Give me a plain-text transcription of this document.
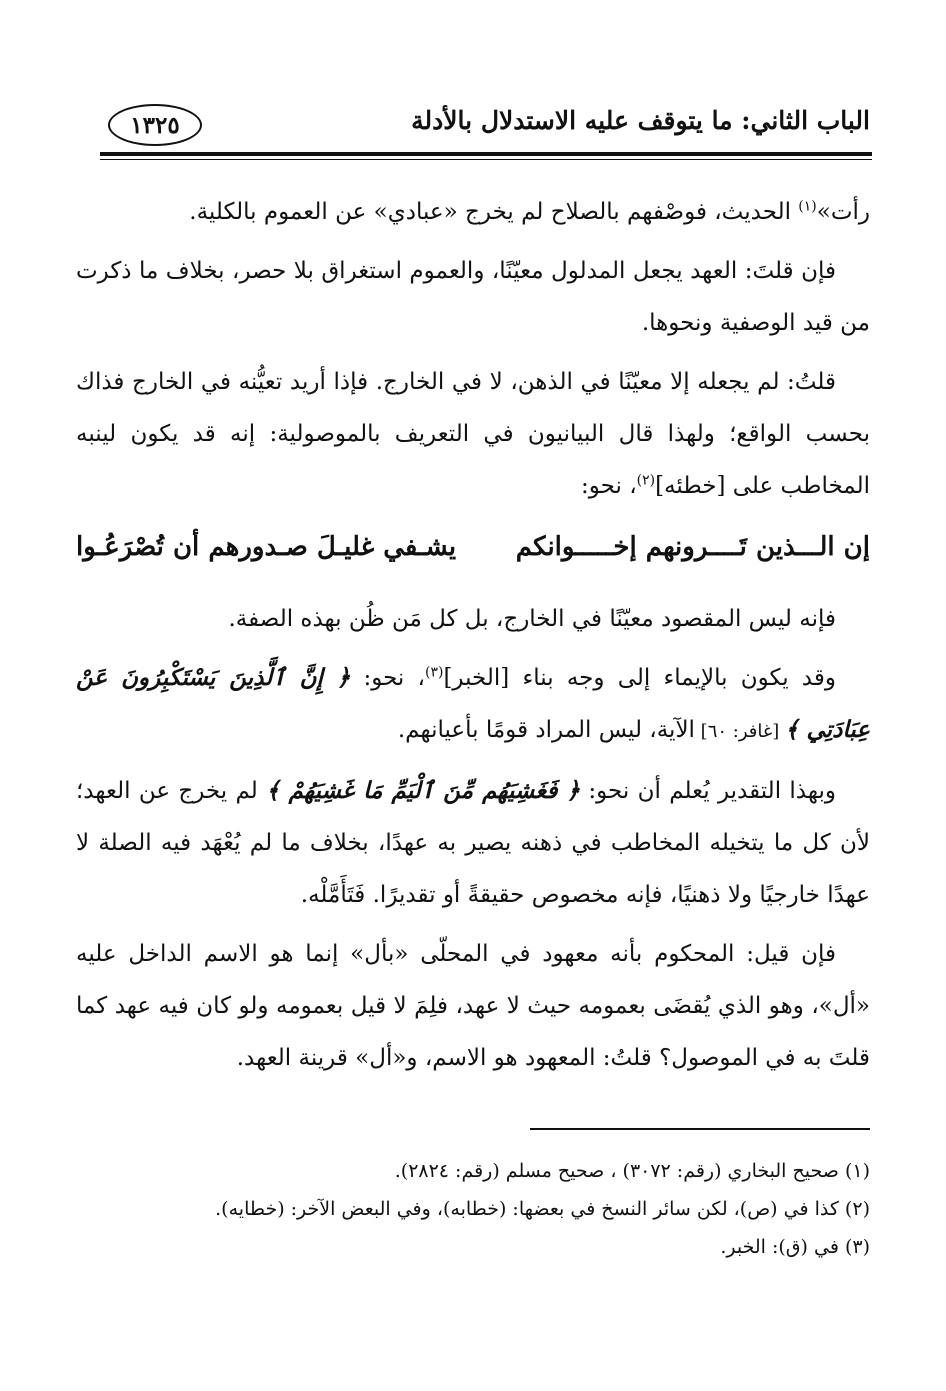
الباب الثاني: ما يتوقف عليه الاستدلال بالأدلة
١٣٢٥

رأت»$^{(١)}$ الحديث، فوصْفهم بالصلاح لم يخرج «عبادي» عن العموم بالكلية.

فإن قلتَ: العهد يجعل المدلول معيّنًا، والعموم استغراق بلا حصر، بخلاف ما ذكرت من قيد الوصفية ونحوها.

قلتُ: لم يجعله إلا معيّنًا في الذهن، لا في الخارج. فإذا أريد تعيُّنه في الخارج فذاك بحسب الواقع؛ ولهذا قال البيانيون في التعريف بالموصولية: إنه قد يكون لينبه المخاطب على [خطئه]$^{(٢)}$، نحو:

إن الـــذين تَــــرونهم إخـــــوانكم
يشـفي غليـلَ صـدورهم أن تُصْرَعُـوا

فإنه ليس المقصود معيّنًا في الخارج، بل كل مَن ظُن بهذه الصفة.

وقد يكون بالإيماء إلى وجه بناء [الخبر]$^{(٣)}$، نحو: ﴿ إِنَّ ٱلَّذِينَ يَسْتَكْبِرُونَ عَنْ عِبَادَتِي ﴾ [غافر: ٦٠] الآية، ليس المراد قومًا بأعيانهم.

وبهذا التقدير يُعلم أن نحو: ﴿ فَغَشِيَهُم مِّنَ ٱلْيَمِّ مَا غَشِيَهُمْ ﴾ لم يخرج عن العهد؛ لأن كل ما يتخيله المخاطب في ذهنه يصير به عهدًا، بخلاف ما لم يُعْهَد فيه الصلة لا عهدًا خارجيًا ولا ذهنيًا، فإنه مخصوص حقيقةً أو تقديرًا. فَتَأَمَّلْه.

فإن قيل: المحكوم بأنه معهود في المحلّى «بأل» إنما هو الاسم الداخل عليه «أل»، وهو الذي يُقضَى بعمومه حيث لا عهد، فلِمَ لا قيل بعمومه ولو كان فيه عهد كما قلتَ به في الموصول؟ قلتُ: المعهود هو الاسم، و«أل» قرينة العهد.

(١) صحيح البخاري (رقم: ٣٠٧٢) ، صحيح مسلم (رقم: ٢٨٢٤).

(٢) كذا في (ص)، لكن سائر النسخ في بعضها: (خطابه)، وفي البعض الآخر: (خطايه).

(٣) في (ق): الخبر.
